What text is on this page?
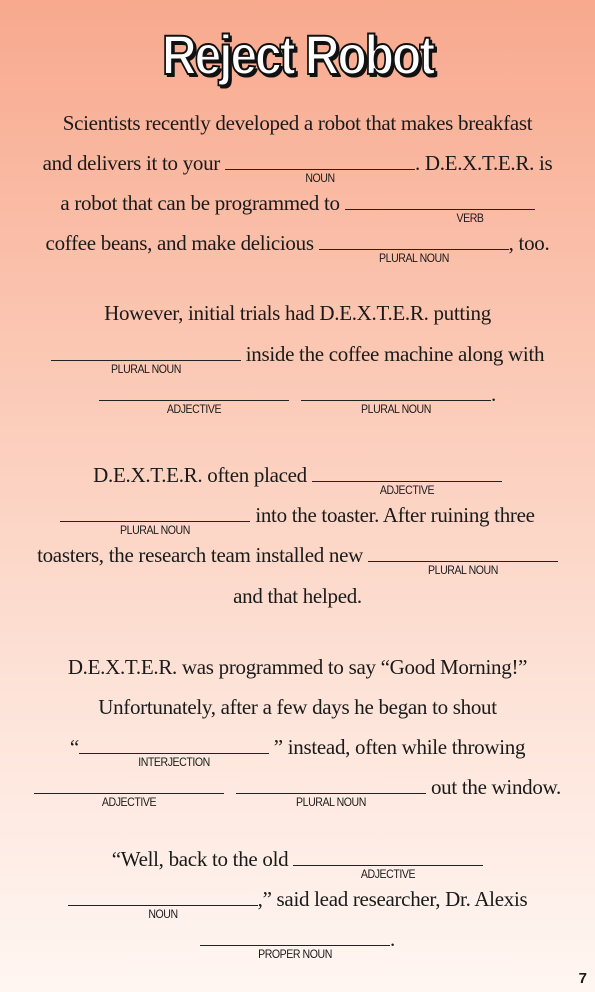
Reject Robot
Scientists recently developed a robot that makes breakfast
and delivers it to your
NOUN
. D.E.X.T.E.R. is
a robot that can be programmed to
VERB
coffee beans, and make delicious
PLURAL NOUN
, too.
However, initial trials had D.E.X.T.E.R. putting
PLURAL NOUN
inside the coffee machine along with
ADJECTIVE	PLURAL NOUN
.
D.E.X.T.E.R. often placed
ADJECTIVE
PLURAL NOUN
into the toaster. After ruining three
toasters, the research team installed new
PLURAL NOUN
and that helped.
D.E.X.T.E.R. was programmed to say “Good Morning!”
Unfortunately, after a few days he began to shout
“
INTERJECTION
” instead, often while throwing
ADJECTIVE	PLURAL NOUN
out the window.
“Well, back to the old
ADJECTIVE
NOUN
,” said lead researcher, Dr. Alexis
PROPER NOUN
.
7
